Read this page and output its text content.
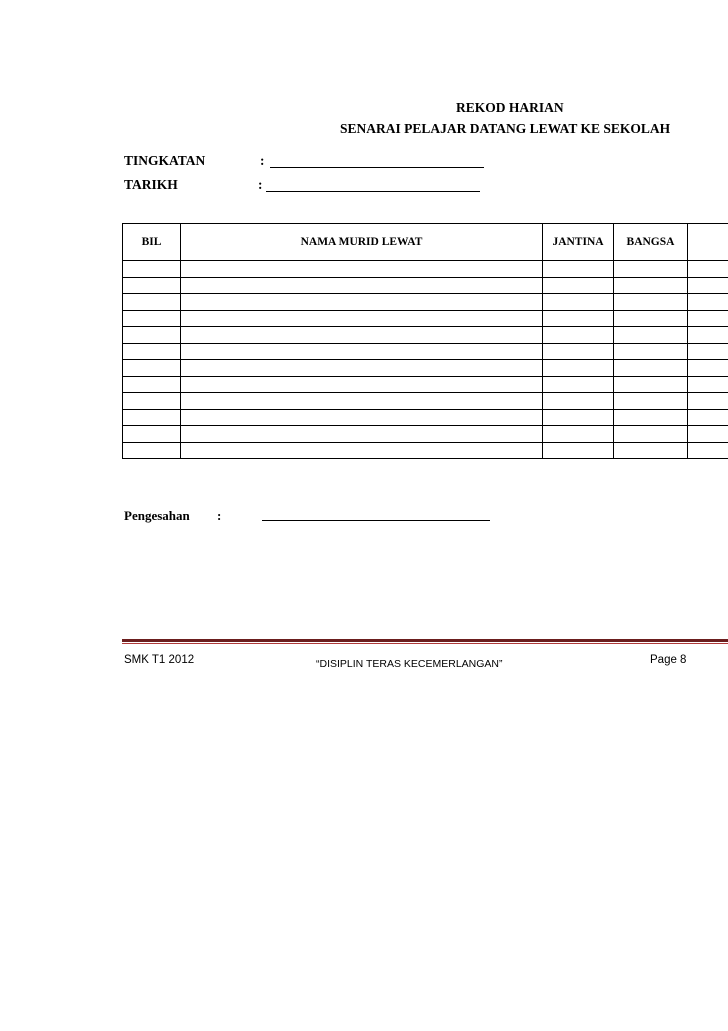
REKOD HARIAN
SENARAI PELAJAR DATANG LEWAT KE SEKOLAH
TINGKATAN	:
TARIKH	:
BIL	NAMA MURID LEWAT	JANTINA	BANGSA	

Pengesahan :
SMK T1 2012	“DISIPLIN TERAS KECEMERLANGAN”	Page 8
